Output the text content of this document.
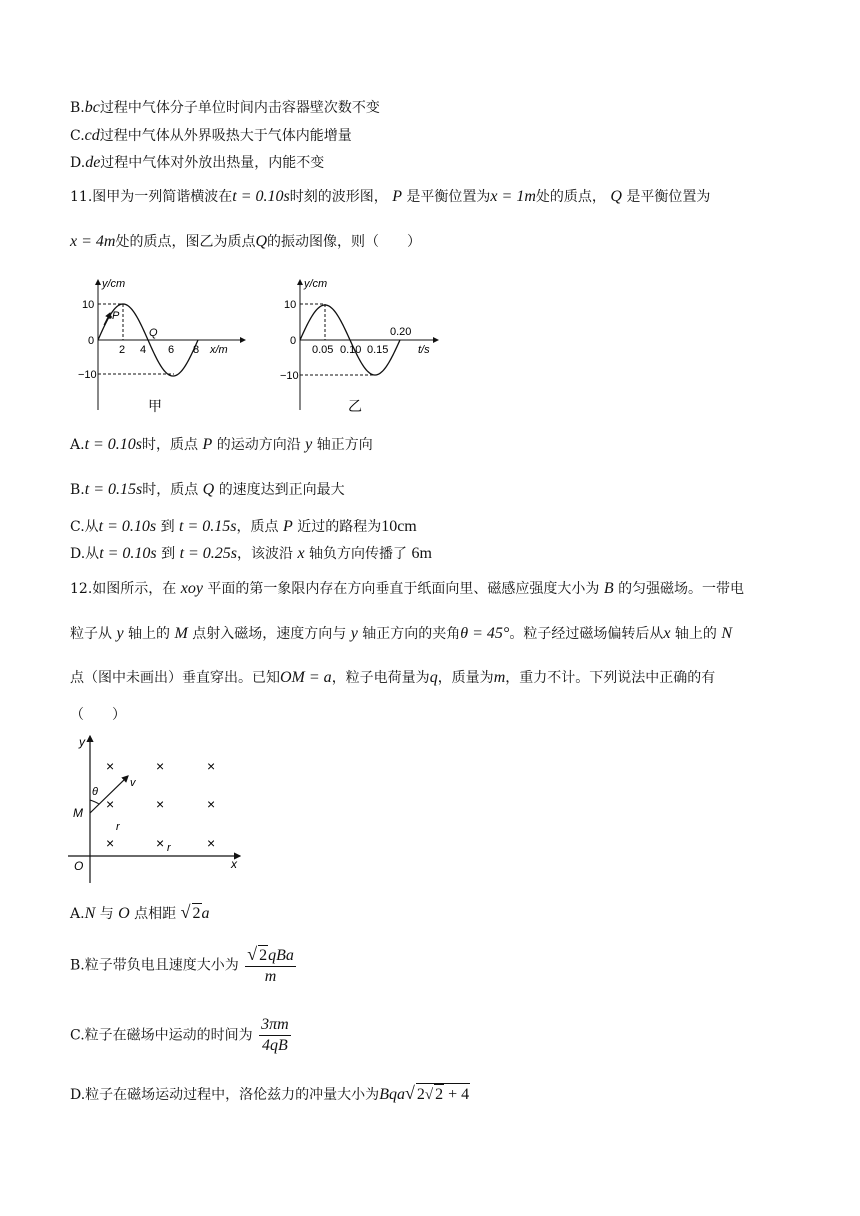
B.bc过程中气体分子单位时间内击容器壁次数不变
C.cd过程中气体从外界吸热大于气体内能增量
D.de过程中气体对外放出热量，内能不变
11.图甲为一列简谐横波在t = 0.10s时刻的波形图， P 是平衡位置为x = 1m处的质点， Q 是平衡位置为
x = 4m处的质点，图乙为质点Q的振动图像，则（　　）
y/cm
x/m
10
0
−10
2 4 6 8
P
Q
甲
y/cm
t/s
10
0
−10
0.05 0.10 0.15
0.20
乙
A.t = 0.10s时，质点 P 的运动方向沿 y 轴正方向
B.t = 0.15s时，质点 Q 的速度达到正向最大
C.从t = 0.10s 到 t = 0.15s，质点 P 近过的路程为10cm
D.从t = 0.10s 到 t = 0.25s，该波沿 x 轴负方向传播了 6m
12.如图所示，在 xoy 平面的第一象限内存在方向垂直于纸面向里、磁感应强度大小为 B 的匀强磁场。一带电
粒子从 y 轴上的 M 点射入磁场，速度方向与 y 轴正方向的夹角θ = 45°。粒子经过磁场偏转后从x 轴上的 N
点（图中未画出）垂直穿出。已知OM = a，粒子电荷量为q，质量为m，重力不计。下列说法中正确的有
（　　）
y
x
O
M
θ
v
r
r
×	×	×
×	×	×
×	×	×
A.N 与 O 点相距 √ 2a
B.粒子带负电且速度大小为 $\frac{\text{√ 2qBa}}{m}$
C.粒子在磁场中运动的时间为 $\frac{3\pi m}{4qB}$
D.粒子在磁场运动过程中，洛伦兹力的冲量大小为Bqa√ 2√ 2 + 4
